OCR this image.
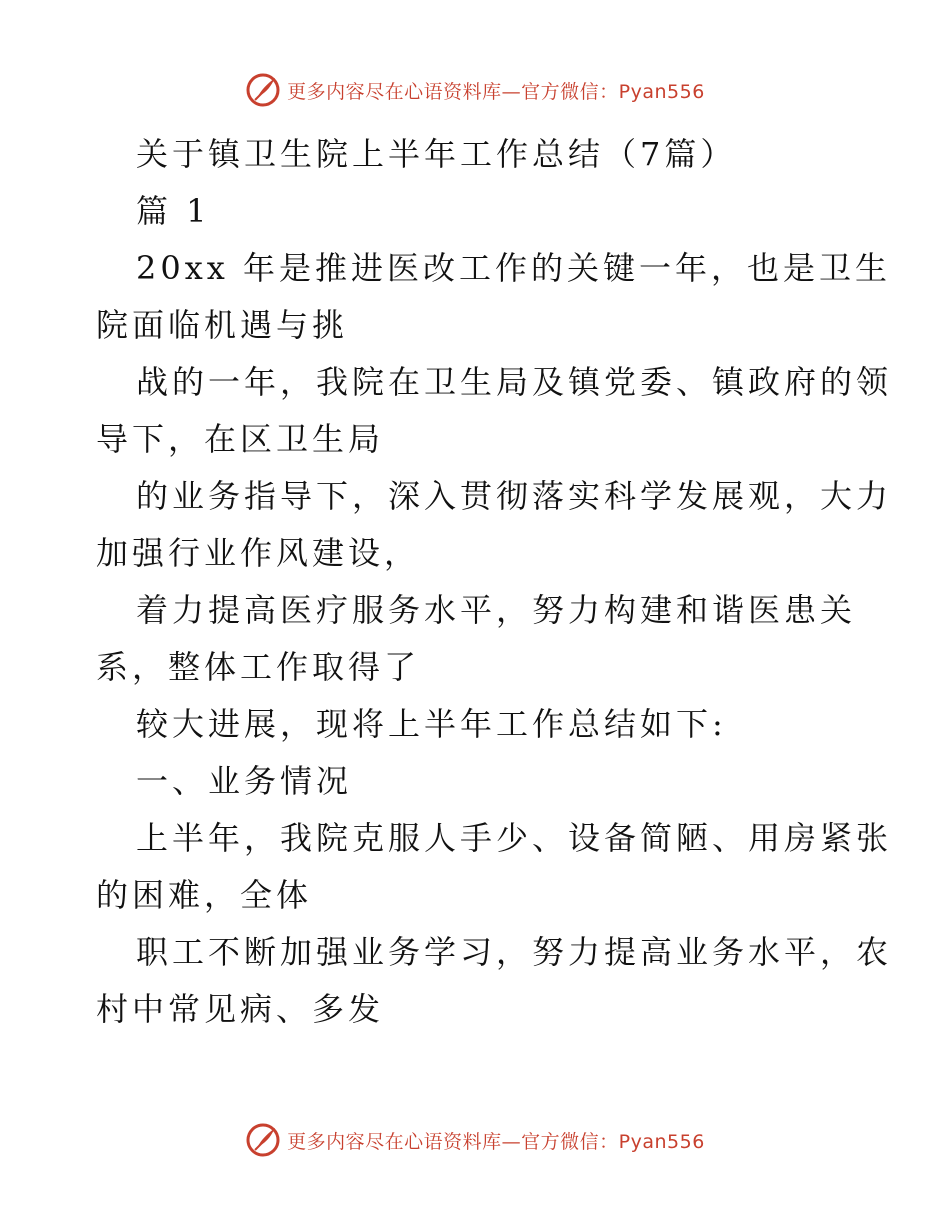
更多内容尽在心语资料库—官方微信：Pyan556

关于镇卫生院上半年工作总结（7篇）

篇 1

20xx 年是推进医改工作的关键一年，也是卫生

院面临机遇与挑

战的一年，我院在卫生局及镇党委、镇政府的领

导下，在区卫生局

的业务指导下，深入贯彻落实科学发展观，大力

加强行业作风建设，

着力提高医疗服务水平，努力构建和谐医患关

系，整体工作取得了

较大进展，现将上半年工作总结如下:

一、业务情况

上半年，我院克服人手少、设备简陋、用房紧张

的困难，全体

职工不断加强业务学习，努力提高业务水平，农

村中常见病、多发

更多内容尽在心语资料库—官方微信：Pyan556
